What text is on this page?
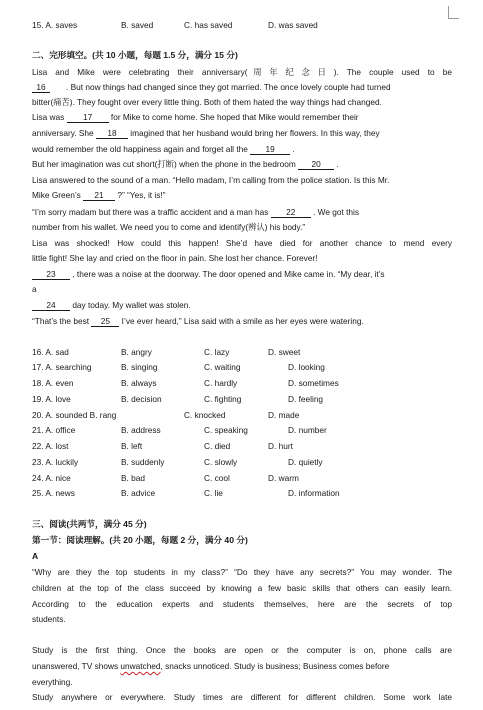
15. A. saves	B. saved	C. has saved	D. was saved
二、完形填空。(共 10 小题，每题 1.5 分，满分 15 分)
Lisa and Mike were celebrating their anniversary(周年纪念日). The couple used to be
16 . But now things had changed since they got married. The once lovely couple had turned
bitter(痛苦). They fought over every little thing. Both of them hated the way things had changed.
Lisa was 17 for Mike to come home. She hoped that Mike would remember their
anniversary. She 18 imagined that her husband would bring her flowers. In this way, they
would remember the old happiness again and forget all the 19 .
But her imagination was cut short(打断) when the phone in the bedroom 20 .
Lisa answered to the sound of a man. “Hello madam, I’m calling from the police station. Is this Mr.
Mike Green’s 21 ?” “Yes, it is!”
“I’m sorry madam but there was a traffic accident and a man has 22 . We got this
number from his wallet. We need you to come and identify(辨认) his body.”
Lisa was shocked! How could this happen! She’d have died for another chance to mend every
little fight! She lay and cried on the floor in pain. She lost her chance. Forever!
23 , there was a noise at the doorway. The door opened and Mike came in. “My dear, it’s
a
24 day today. My wallet was stolen.
“That’s the best 25 I’ve ever heard,” Lisa said with a smile as her eyes were watering.
16. A. sad	B. angry	C. lazy	D. sweet
17. A. searching	B. singing	C. waiting	D. looking
18. A. even	B. always	C. hardly	D. sometimes
19. A. love	B. decision	C. fighting	D. feeling
20. A. sounded B. rang	C. knocked	D. made
21. A. office	B. address	C. speaking	D. number
22. A. lost	B. left	C. died	D. hurt
23. A. luckily	B. suddenly	C. slowly	D. quietly
24. A. nice	B. bad	C. cool	D. warm
25. A. news	B. advice	C. lie	D. information
三、阅读(共两节，满分 45 分)
第一节：阅读理解。(共 20 小题，每题 2 分，满分 40 分)
A
“Why are they the top students in my class?” “Do they have any secrets?” You may wonder. The
children at the top of the class succeed by knowing a few basic skills that others can easily learn.
According to the education experts and students themselves, here are the secrets of top
students.
Study is the first thing. Once the books are open or the computer is on, phone calls are
unanswered, TV shows unwatched, snacks unnoticed. Study is business; Business comes before
everything.
Study anywhere or everywhere. Study times are different for different children. Some work late
